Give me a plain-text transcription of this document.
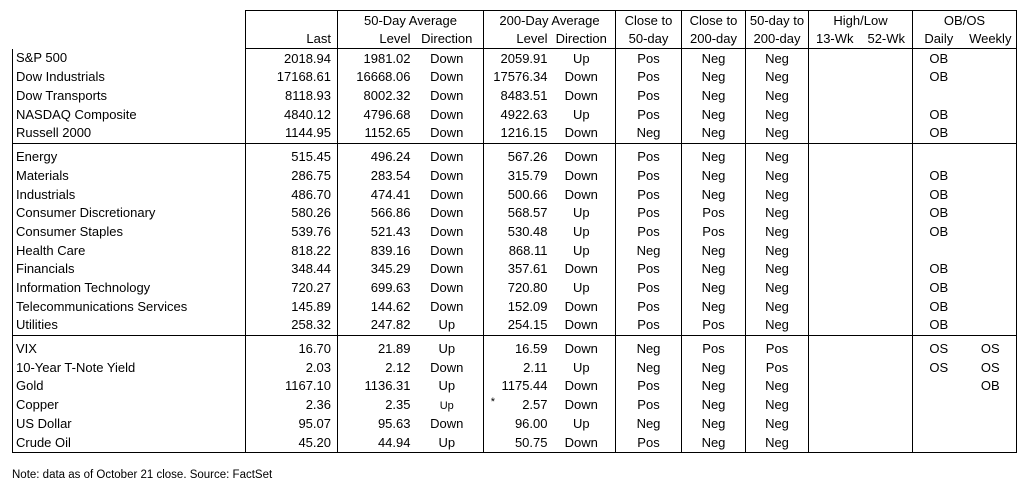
		50-Day Average		200-Day Average		Close to	Close to	50-day to	High/Low		OB/OS	
	Last	Level	Direction	Level	Direction	50-day	200-day	200-day	13-Wk	52-Wk	Daily	Weekly
S&P 500	2018.94	1981.02	Down	2059.91	Up	Pos	Neg	Neg			OB	
Dow Industrials	17168.61	16668.06	Down	17576.34	Down	Pos	Neg	Neg			OB	
Dow Transports	8118.93	8002.32	Down	8483.51	Down	Pos	Neg	Neg				
NASDAQ Composite	4840.12	4796.68	Down	4922.63	Up	Pos	Neg	Neg			OB	
Russell 2000	1144.95	1152.65	Down	1216.15	Down	Neg	Neg	Neg			OB	

Energy	515.45	496.24	Down	567.26	Down	Pos	Neg	Neg				
Materials	286.75	283.54	Down	315.79	Down	Pos	Neg	Neg			OB	
Industrials	486.70	474.41	Down	500.66	Down	Pos	Neg	Neg			OB	
Consumer Discretionary	580.26	566.86	Down	568.57	Up	Pos	Pos	Neg			OB	
Consumer Staples	539.76	521.43	Down	530.48	Up	Pos	Pos	Neg			OB	
Health Care	818.22	839.16	Down	868.11	Up	Neg	Neg	Neg				
Financials	348.44	345.29	Down	357.61	Down	Pos	Neg	Neg			OB	
Information Technology	720.27	699.63	Down	720.80	Up	Pos	Neg	Neg			OB	
Telecommunications Services	145.89	144.62	Down	152.09	Down	Pos	Neg	Neg			OB	
Utilities	258.32	247.82	Up	254.15	Down	Pos	Pos	Neg			OB	

VIX	16.70	21.89	Up	16.59	Down	Neg	Pos	Pos			OS	OS
10-Year T-Note Yield	2.03	2.12	Down	2.11	Up	Neg	Neg	Pos			OS	OS
Gold	1167.10	1136.31	Up	1175.44	Down	Pos	Neg	Neg				OB
Copper	2.36	2.35	Up *	2.57	Down	Pos	Neg	Neg				
US Dollar	95.07	95.63	Down	96.00	Up	Neg	Neg	Neg				
Crude Oil	45.20	44.94	Up	50.75	Down	Pos	Neg	Neg				
Note: data as of October 21 close. Source: FactSet
